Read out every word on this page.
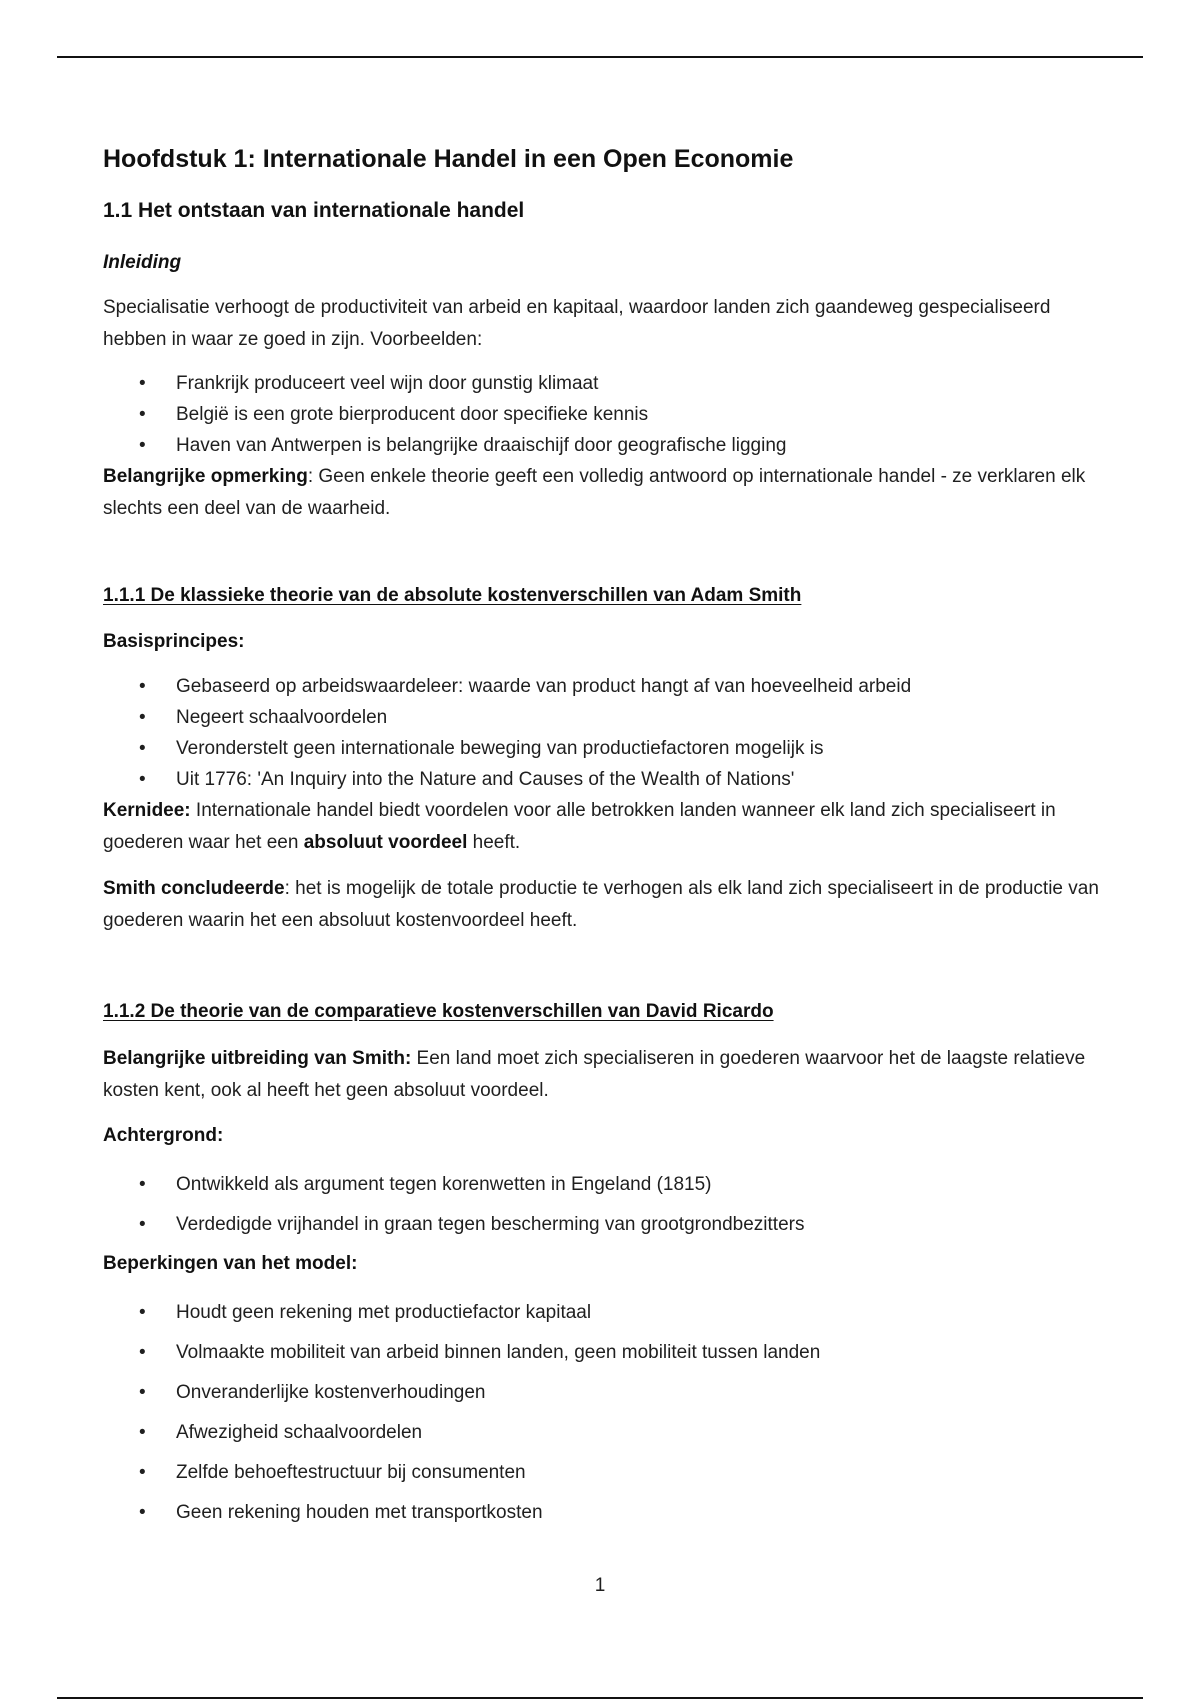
Hoofdstuk 1: Internationale Handel in een Open Economie
1.1 Het ontstaan van internationale handel
Inleiding

Specialisatie verhoogt de productiviteit van arbeid en kapitaal, waardoor landen zich gaandeweg gespecialiseerd hebben in waar ze goed in zijn. Voorbeelden:

• Frankrijk produceert veel wijn door gunstig klimaat
• België is een grote bierproducent door specifieke kennis
• Haven van Antwerpen is belangrijke draaischijf door geografische ligging

Belangrijke opmerking: Geen enkele theorie geeft een volledig antwoord op internationale handel - ze verklaren elk slechts een deel van de waarheid.

1.1.1 De klassieke theorie van de absolute kostenverschillen van Adam Smith
Basisprincipes:
• Gebaseerd op arbeidswaardeleer: waarde van product hangt af van hoeveelheid arbeid
• Negeert schaalvoordelen
• Veronderstelt geen internationale beweging van productiefactoren mogelijk is
• Uit 1776: 'An Inquiry into the Nature and Causes of the Wealth of Nations'

Kernidee: Internationale handel biedt voordelen voor alle betrokken landen wanneer elk land zich specialiseert in goederen waar het een absoluut voordeel heeft.

Smith concludeerde: het is mogelijk de totale productie te verhogen als elk land zich specialiseert in de productie van goederen waarin het een absoluut kostenvoordeel heeft.

1.1.2 De theorie van de comparatieve kostenverschillen van David Ricardo

Belangrijke uitbreiding van Smith: Een land moet zich specialiseren in goederen waarvoor het de laagste relatieve kosten kent, ook al heeft het geen absoluut voordeel.

Achtergrond:
• Ontwikkeld als argument tegen korenwetten in Engeland (1815)
• Verdedigde vrijhandel in graan tegen bescherming van grootgrondbezitters
Beperkingen van het model:
• Houdt geen rekening met productiefactor kapitaal
• Volmaakte mobiliteit van arbeid binnen landen, geen mobiliteit tussen landen
• Onveranderlijke kostenverhoudingen
• Afwezigheid schaalvoordelen
• Zelfde behoeftestructuur bij consumenten
• Geen rekening houden met transportkosten
1
